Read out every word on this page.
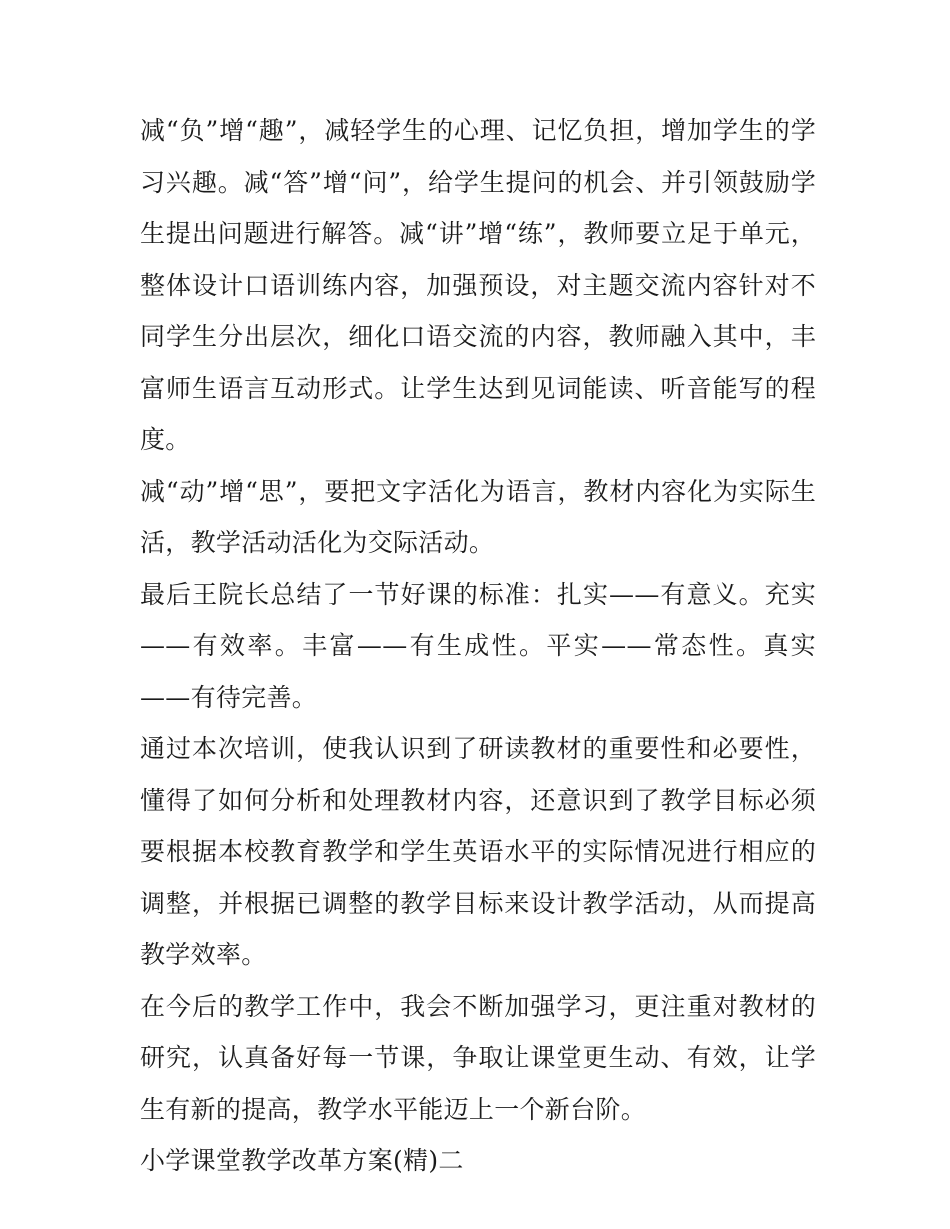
减“负”增“趣”，减轻学生的心理、记忆负担，增加学生的学习兴趣。减“答”增“问”，给学生提问的机会、并引领鼓励学生提出问题进行解答。减“讲”增“练”，教师要立足于单元，整体设计口语训练内容，加强预设，对主题交流内容针对不同学生分出层次，细化口语交流的内容，教师融入其中，丰富师生语言互动形式。让学生达到见词能读、听音能写的程度。

减“动”增“思”，要把文字活化为语言，教材内容化为实际生活，教学活动活化为交际活动。

最后王院长总结了一节好课的标准：扎实——有意义。充实——有效率。丰富——有生成性。平实——常态性。真实——有待完善。

通过本次培训，使我认识到了研读教材的重要性和必要性，懂得了如何分析和处理教材内容，还意识到了教学目标必须要根据本校教育教学和学生英语水平的实际情况进行相应的调整，并根据已调整的教学目标来设计教学活动，从而提高教学效率。

在今后的教学工作中，我会不断加强学习，更注重对教材的研究，认真备好每一节课，争取让课堂更生动、有效，让学生有新的提高，教学水平能迈上一个新台阶。

小学课堂教学改革方案(精)二
